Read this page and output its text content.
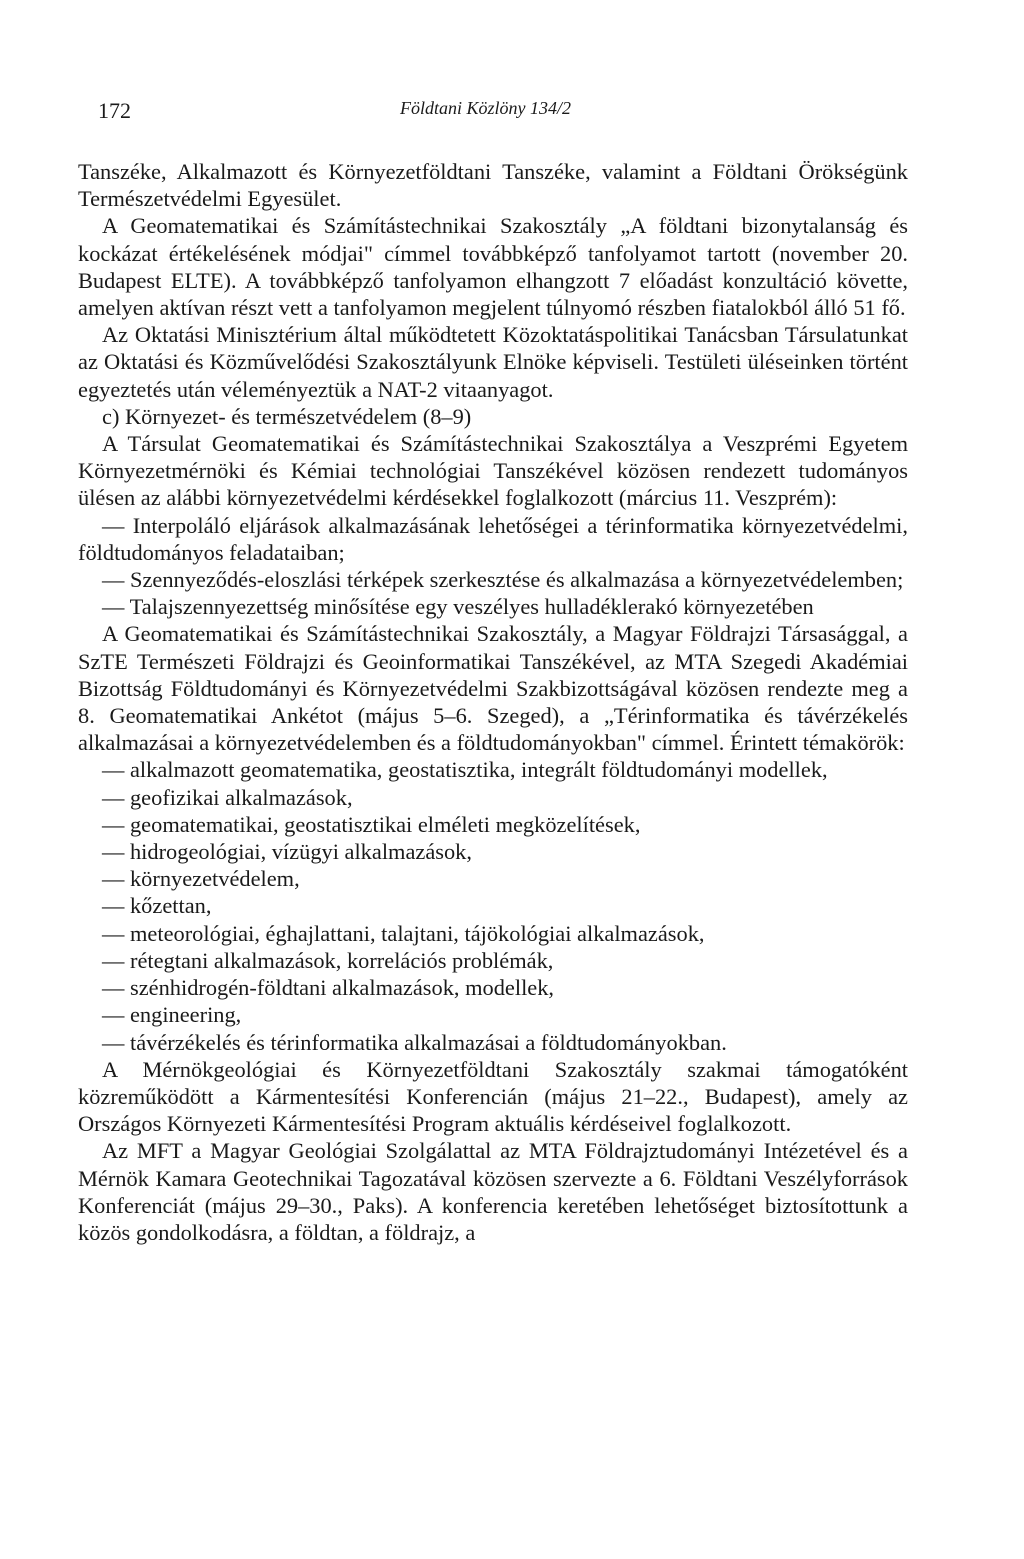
172	Földtani Közlöny 134/2

Tanszéke, Alkalmazott és Környezetföldtani Tanszéke, valamint a Földtani Örökségünk Természetvédelmi Egyesület.

A Geomatematikai és Számítástechnikai Szakosztály „A földtani bizonytalanság és kockázat értékelésének módjai" címmel továbbképző tanfolyamot tartott (november 20. Budapest ELTE). A továbbképző tanfolyamon elhangzott 7 előadást konzultáció követte, amelyen aktívan részt vett a tanfolyamon megjelent túlnyomó részben fiatalokból álló 51 fő.

Az Oktatási Minisztérium által működtetett Közoktatáspolitikai Tanácsban Társulatunkat az Oktatási és Közművelődési Szakosztályunk Elnöke képviseli. Testületi üléseinken történt egyeztetés után véleményeztük a NAT-2 vitaanyagot.

c) Környezet- és természetvédelem (8–9)

A Társulat Geomatematikai és Számítástechnikai Szakosztálya a Veszprémi Egyetem Környezetmérnöki és Kémiai technológiai Tanszékével közösen rendezett tudományos ülésen az alábbi környezetvédelmi kérdésekkel foglalkozott (március 11. Veszprém):

— Interpoláló eljárások alkalmazásának lehetőségei a térinformatika környezetvédelmi, földtudományos feladataiban;

— Szennyeződés-eloszlási térképek szerkesztése és alkalmazása a környezetvédelemben;

— Talajszennyezettség minősítése egy veszélyes hulladéklerakó környezetében

A Geomatematikai és Számítástechnikai Szakosztály, a Magyar Földrajzi Társasággal, a SzTE Természeti Földrajzi és Geoinformatikai Tanszékével, az MTA Szegedi Akadémiai Bizottság Földtudományi és Környezetvédelmi Szakbizottságával közösen rendezte meg a 8. Geomatematikai Ankétot (május 5–6. Szeged), a „Térinformatika és távérzékelés alkalmazásai a környezetvédelemben és a földtudományokban" címmel. Érintett témakörök:

— alkalmazott geomatematika, geostatisztika, integrált földtudományi modellek,

— geofizikai alkalmazások,

— geomatematikai, geostatisztikai elméleti megközelítések,

— hidrogeológiai, vízügyi alkalmazások,

— környezetvédelem,

— kőzettan,

— meteorológiai, éghajlattani, talajtani, tájökológiai alkalmazások,

— rétegtani alkalmazások, korrelációs problémák,

— szénhidrogén-földtani alkalmazások, modellek,

— engineering,

— távérzékelés és térinformatika alkalmazásai a földtudományokban.

A Mérnökgeológiai és Környezetföldtani Szakosztály szakmai támogatóként közreműködött a Kármentesítési Konferencián (május 21–22., Budapest), amely az Országos Környezeti Kármentesítési Program aktuális kérdéseivel foglalkozott.

Az MFT a Magyar Geológiai Szolgálattal az MTA Földrajztudományi Intézetével és a Mérnök Kamara Geotechnikai Tagozatával közösen szervezte a 6. Földtani Veszélyforrások Konferenciát (május 29–30., Paks). A konferencia keretében lehetőséget biztosítottunk a közös gondolkodásra, a földtan, a földrajz, a
